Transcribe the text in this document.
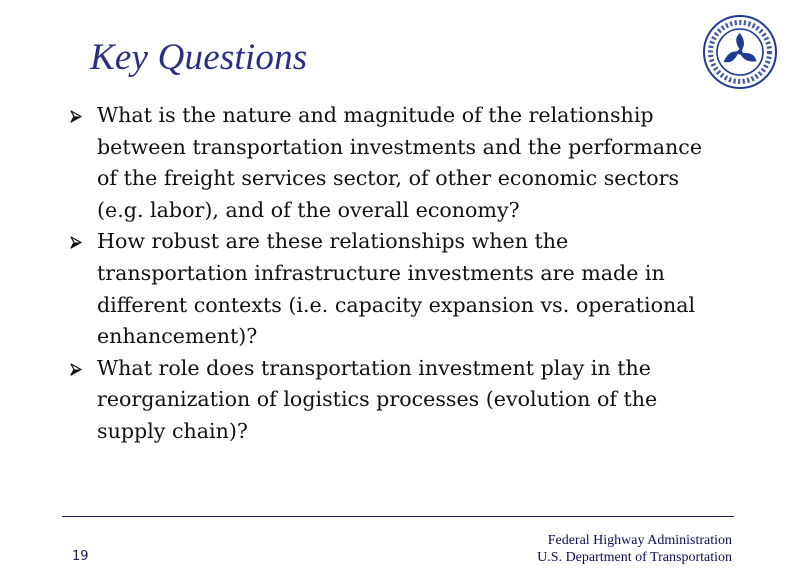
Key Questions
What is the nature and magnitude of the relationship between transportation investments and the performance of the freight services sector, of other economic sectors (e.g. labor), and of the overall economy?
How robust are these relationships when the transportation infrastructure investments are made in different contexts (i.e. capacity expansion vs. operational enhancement)?
What role does transportation investment play in the reorganization of logistics processes (evolution of the supply chain)?
19
Federal Highway Administration
U.S. Department of Transportation
